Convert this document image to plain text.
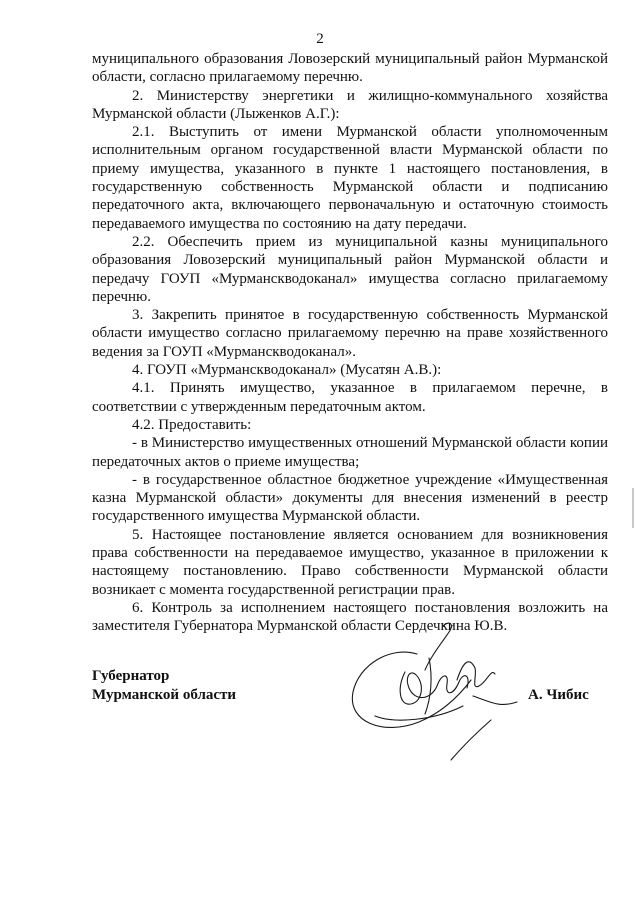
2

муниципального образования Ловозерский муниципальный район Мурманской области, согласно прилагаемому перечню.

2. Министерству энергетики и жилищно-коммунального хозяйства Мурманской области (Лыженков А.Г.):

2.1. Выступить от имени Мурманской области уполномоченным исполнительным органом государственной власти Мурманской области по приему имущества, указанного в пункте 1 настоящего постановления, в государственную собственность Мурманской области и подписанию передаточного акта, включающего первоначальную и остаточную стоимость передаваемого имущества по состоянию на дату передачи.

2.2. Обеспечить прием из муниципальной казны муниципального образования Ловозерский муниципальный район Мурманской области и передачу ГОУП «Мурманскводоканал» имущества согласно прилагаемому перечню.

3. Закрепить принятое в государственную собственность Мурманской области имущество согласно прилагаемому перечню на праве хозяйственного ведения за ГОУП «Мурманскводоканал».

4. ГОУП «Мурманскводоканал» (Мусатян А.В.):

4.1. Принять имущество, указанное в прилагаемом перечне, в соответствии с утвержденным передаточным актом.

4.2. Предоставить:

- в Министерство имущественных отношений Мурманской области копии передаточных актов о приеме имущества;

- в государственное областное бюджетное учреждение «Имущественная казна Мурманской области» документы для внесения изменений в реестр государственного имущества Мурманской области.

5. Настоящее постановление является основанием для возникновения права собственности на передаваемое имущество, указанное в приложении к настоящему постановлению. Право собственности Мурманской области возникает с момента государственной регистрации прав.

6. Контроль за исполнением настоящего постановления возложить на заместителя Губернатора Мурманской области Сердечкина Ю.В.

Губернатор
Мурманской области	А. Чибис
